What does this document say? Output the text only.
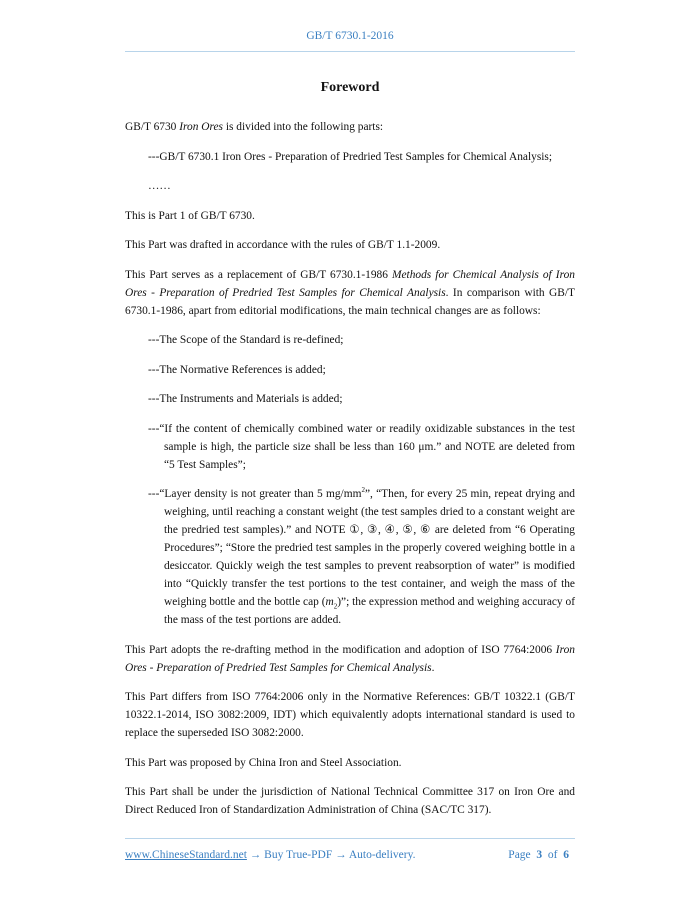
GB/T 6730.1-2016
Foreword

GB/T 6730 Iron Ores is divided into the following parts:

---GB/T 6730.1 Iron Ores - Preparation of Predried Test Samples for Chemical Analysis;

……

This is Part 1 of GB/T 6730.

This Part was drafted in accordance with the rules of GB/T 1.1-2009.

This Part serves as a replacement of GB/T 6730.1-1986 Methods for Chemical Analysis of Iron Ores - Preparation of Predried Test Samples for Chemical Analysis. In comparison with GB/T 6730.1-1986, apart from editorial modifications, the main technical changes are as follows:

---The Scope of the Standard is re-defined;

---The Normative References is added;

---The Instruments and Materials is added;

---“If the content of chemically combined water or readily oxidizable substances in the test sample is high, the particle size shall be less than 160 μm.” and NOTE are deleted from “5 Test Samples”;

---“Layer density is not greater than 5 $mg/mm^2$”, “Then, for every 25 min, repeat drying and weighing, until reaching a constant weight (the test samples dried to a constant weight are the predried test samples).” and NOTE ①, ③, ④, ⑤, ⑥ are deleted from “6 Operating Procedures”; “Store the predried test samples in the properly covered weighing bottle in a desiccator. Quickly weigh the test samples to prevent reabsorption of water” is modified into “Quickly transfer the test portions to the test container, and weigh the mass of the weighing bottle and the bottle cap $(m_2)$”; the expression method and weighing accuracy of the mass of the test portions are added.

This Part adopts the re-drafting method in the modification and adoption of ISO 7764:2006 Iron Ores - Preparation of Predried Test Samples for Chemical Analysis.

This Part differs from ISO 7764:2006 only in the Normative References: GB/T 10322.1 (GB/T 10322.1-2014, ISO 3082:2009, IDT) which equivalently adopts international standard is used to replace the superseded ISO 3082:2000.

This Part was proposed by China Iron and Steel Association.

This Part shall be under the jurisdiction of National Technical Committee 317 on Iron Ore and Direct Reduced Iron of Standardization Administration of China (SAC/TC 317).

www.ChineseStandard.net → Buy True-PDF → Auto-delivery.	Page 3 of 6
